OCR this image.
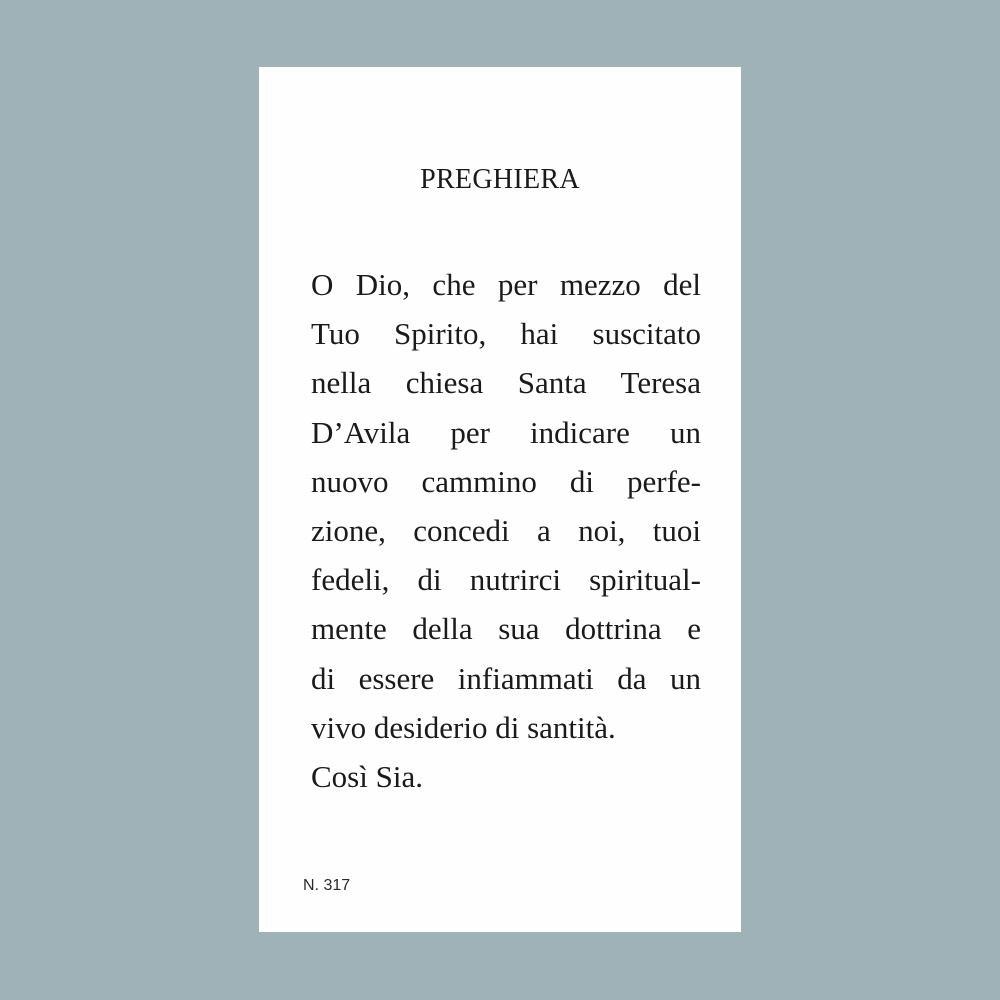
PREGHIERA
O Dio, che per mezzo del
Tuo Spirito, hai suscitato
nella chiesa Santa Teresa
D’Avila per indicare un
nuovo cammino di perfe-
zione, concedi a noi, tuoi
fedeli, di nutrirci spiritual-
mente della sua dottrina e
di essere infiammati da un
vivo desiderio di santità.
Così Sia.

N. 317
